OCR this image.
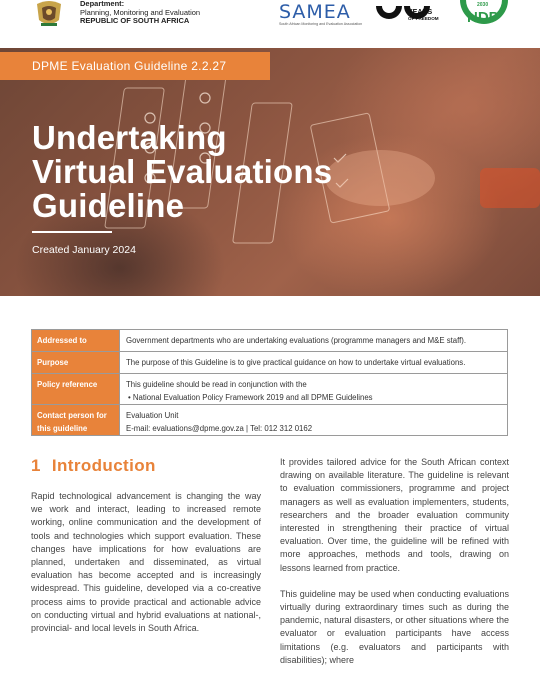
Department:
Planning, Monitoring and Evaluation
REPUBLIC OF SOUTH AFRICA	SAMEA
South African Monitoring and Evaluation Association
YEARS
OF FREEDOM
2030
NDP
DPME Evaluation Guideline 2.2.27
Undertaking
Virtual Evaluations
Guideline
Created January 2024
Addressed to	Government departments who are undertaking evaluations (programme managers and M&E staff).
Purpose	The purpose of this Guideline is to give practical guidance on how to undertake virtual evaluations.
Policy reference	This guideline should be read in conjunction with the
• National Evaluation Policy Framework 2019 and all DPME Guidelines

Contact person for this guideline	Evaluation Unit
E-mail: evaluations@dpme.gov.za | Tel: 012 312 0162
1 Introduction

Rapid technological advancement is changing the way we work and interact, leading to increased remote working, online communication and the development of tools and technologies which support evaluation. These changes have implications for how evaluations are planned, undertaken and disseminated, as virtual evaluation has become accepted and is increasingly widespread. This guideline, developed via a co-creative process aims to provide practical and actionable advice on conducting virtual and hybrid evaluations at national-, provincial- and local levels in South Africa.

It provides tailored advice for the South African context drawing on available literature. The guideline is relevant to evaluation commissioners, programme and project managers as well as evaluation implementers, students, researchers and the broader evaluation community interested in strengthening their practice of virtual evaluation. Over time, the guideline will be refined with more approaches, methods and tools, drawing on lessons learned from practice.

This guideline may be used when conducting evaluations virtually during extraordinary times such as during the pandemic, natural disasters, or other situations where the evaluator or evaluation participants have access limitations (e.g. evaluators and participants with disabilities); where
